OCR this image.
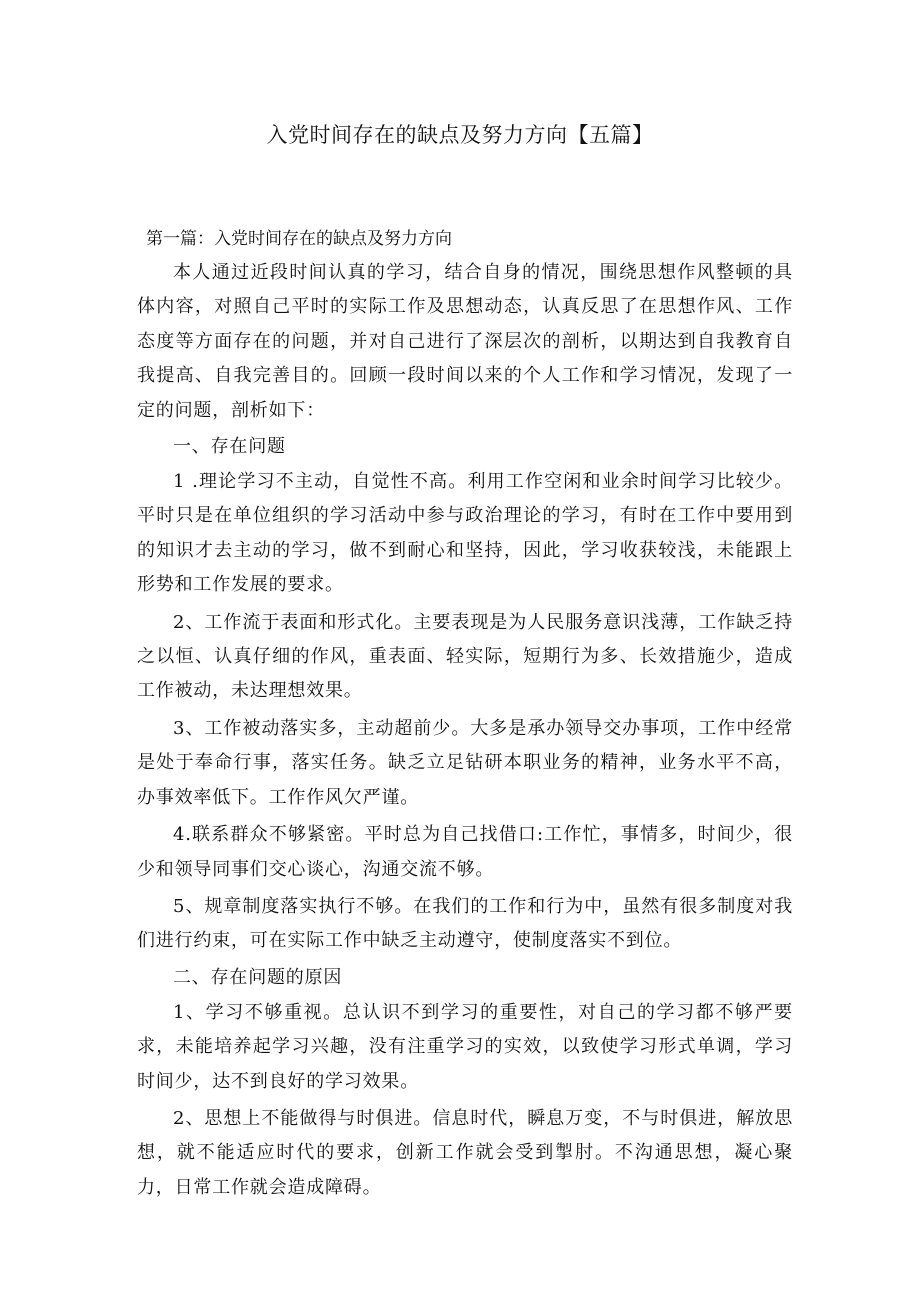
入党时间存在的缺点及努力方向【五篇】

第一篇：入党时间存在的缺点及努力方向

本人通过近段时间认真的学习，结合自身的情况，围绕思想作风整顿的具体内容，对照自己平时的实际工作及思想动态，认真反思了在思想作风、工作态度等方面存在的问题，并对自己进行了深层次的剖析，以期达到自我教育自我提高、自我完善目的。回顾一段时间以来的个人工作和学习情况，发现了一定的问题，剖析如下：

一、存在问题

1 .理论学习不主动，自觉性不高。利用工作空闲和业余时间学习比较少。平时只是在单位组织的学习活动中参与政治理论的学习，有时在工作中要用到的知识才去主动的学习，做不到耐心和坚持，因此，学习收获较浅，未能跟上形势和工作发展的要求。

2、工作流于表面和形式化。主要表现是为人民服务意识浅薄，工作缺乏持之以恒、认真仔细的作风，重表面、轻实际，短期行为多、长效措施少，造成工作被动，未达理想效果。

3、工作被动落实多，主动超前少。大多是承办领导交办事项，工作中经常是处于奉命行事，落实任务。缺乏立足钻研本职业务的精神，业务水平不高，办事效率低下。工作作风欠严谨。

4.联系群众不够紧密。平时总为自己找借口:工作忙，事情多，时间少，很少和领导同事们交心谈心，沟通交流不够。

5、规章制度落实执行不够。在我们的工作和行为中，虽然有很多制度对我们进行约束，可在实际工作中缺乏主动遵守，使制度落实不到位。

二、存在问题的原因

1、学习不够重视。总认识不到学习的重要性，对自己的学习都不够严要求，未能培养起学习兴趣，没有注重学习的实效，以致使学习形式单调，学习时间少，达不到良好的学习效果。

2、思想上不能做得与时俱进。信息时代，瞬息万变，不与时俱进，解放思想，就不能适应时代的要求，创新工作就会受到掣肘。不沟通思想，凝心聚力，日常工作就会造成障碍。
